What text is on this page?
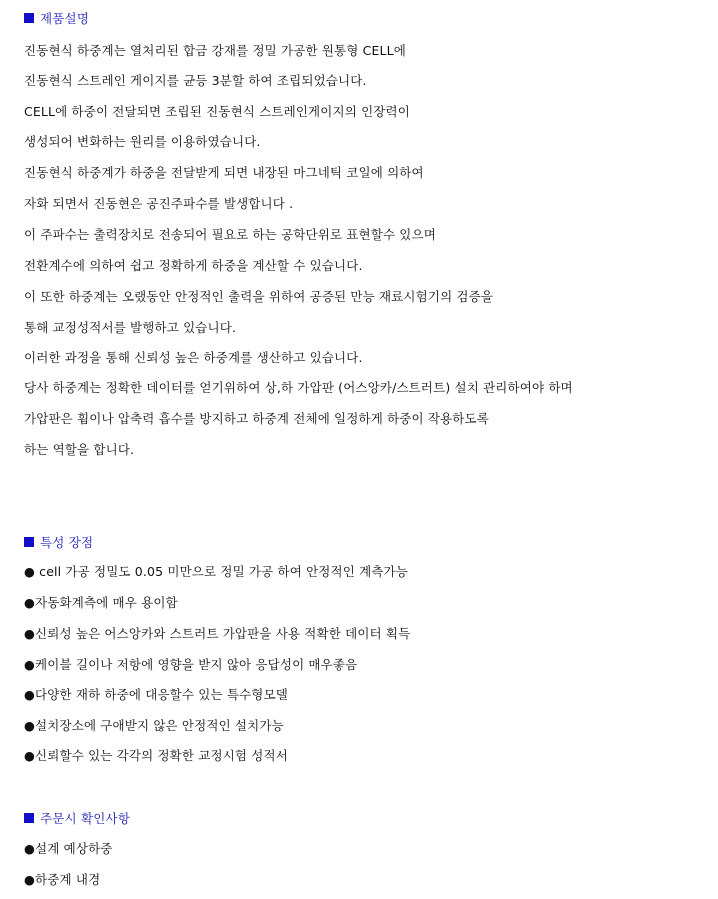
제품설명
진동현식 하중계는 열처리된 합금 강재를 정밀 가공한 원통형 CELL에
진동현식 스트레인 게이지를 균등 3분할 하여 조립되었습니다.
CELL에 하중이 전달되면 조립된 진동현식 스트레인게이지의 인장력이
생성되어 변화하는 원리를 이용하였습니다.
진동현식 하중계가 하중을 전달받게 되면 내장된 마그네틱 코일에 의하여
자화 되면서 진동현은 공진주파수를 발생합니다 .
이 주파수는 출력장치로 전송되어 필요로 하는 공학단위로 표현할수 있으며
전환계수에 의하여 쉽고 정확하게 하중을 계산할 수 있습니다.
이 또한 하중계는 오랬동안 안정적인 출력을 위하여 공증된 만능 재료시험기의 검증을
통해 교정성적서를 발행하고 있습니다.
이러한 과정을 통해 신뢰성 높은 하중계를 생산하고 있습니다.
당사 하중계는 정확한 데이터를 얻기위하여 상,하 가압판 (어스앙카/스트러트) 설치 관리하여야 하며
가압판은 휨이나 압축력 흡수를 방지하고 하중계 전체에 일정하게 하중이 작용하도록
하는 역할을 합니다.
특성 장점
● cell 가공 정밀도 0.05 미만으로 정밀 가공 하여 안정적인 계측가능
●자동화계측에 매우 용이함
●신뢰성 높은 어스앙카와 스트러트 가압판을 사용 적확한 데이터 획득
●케이블 길이나 저항에 영향을 받지 않아 응답성이 매우좋음
●다양한 재하 하중에 대응할수 있는 특수형모델
●설치장소에 구애받지 않은 안정적인 설치가능
●신뢰할수 있는 각각의 정확한 교정시험 성적서
주문시 확인사항
●설계 예상하중
●하중계 내경
